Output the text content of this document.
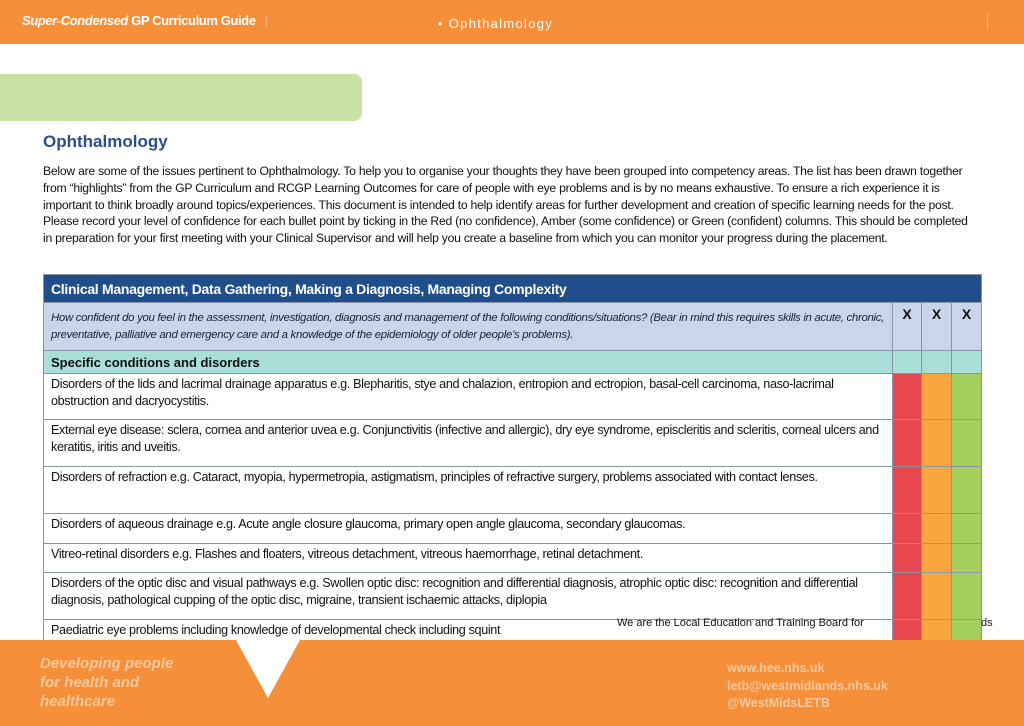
Super-Condensed GP Curriculum Guide |	• Ophthalmology
Ophthalmology

Below are some of the issues pertinent to Ophthalmology. To help you to organise your thoughts they have been grouped into competency areas. The list has been drawn together from “highlights” from the GP Curriculum and RCGP Learning Outcomes for care of people with eye problems and is by no means exhaustive. To ensure a rich experience it is important to think broadly around topics/experiences. This document is intended to help identify areas for further development and creation of specific learning needs for the post. Please record your level of confidence for each bullet point by ticking in the Red (no confidence), Amber (some confidence) or Green (confident) columns. This should be completed in preparation for your first meeting with your Clinical Supervisor and will help you create a baseline from which you can monitor your progress during the placement.

Clinical Management, Data Gathering, Making a Diagnosis, Managing Complexity			
How confident do you feel in the assessment, investigation, diagnosis and management of the following conditions/situations? (Bear in mind this requires skills in acute, chronic, preventative, palliative and emergency care and a knowledge of the epidemiology of older people’s problems).	X	X	X
Specific conditions and disorders			
Disorders of the lids and lacrimal drainage apparatus e.g. Blepharitis, stye and chalazion, entropion and ectropion, basal-cell carcinoma, naso-lacrimal obstruction and dacryocystitis.			
External eye disease: sclera, cornea and anterior uvea e.g. Conjunctivitis (infective and allergic), dry eye syndrome, episcleritis and scleritis, corneal ulcers and keratitis, iritis and uveitis.			
Disorders of refraction e.g. Cataract, myopia, hypermetropia, astigmatism, principles of refractive surgery, problems associated with contact lenses.			
Disorders of aqueous drainage e.g. Acute angle closure glaucoma, primary open angle glaucoma, secondary glaucomas.			
Vitreo-retinal disorders e.g. Flashes and floaters, vitreous detachment, vitreous haemorrhage, retinal detachment.			
Disorders of the optic disc and visual pathways e.g. Swollen optic disc: recognition and differential diagnosis, atrophic optic disc: recognition and differential diagnosis, pathological cupping of the optic disc, migraine, transient ischaemic attacks, diplopia			
Paediatric eye problems including knowledge of developmental check including squint				We are the Local Education and Training Board for	ds
Developing people
for health and
healthcare
www.hee.nhs.uk
letb@westmidlands.nhs.uk
@WestMidsLETB
